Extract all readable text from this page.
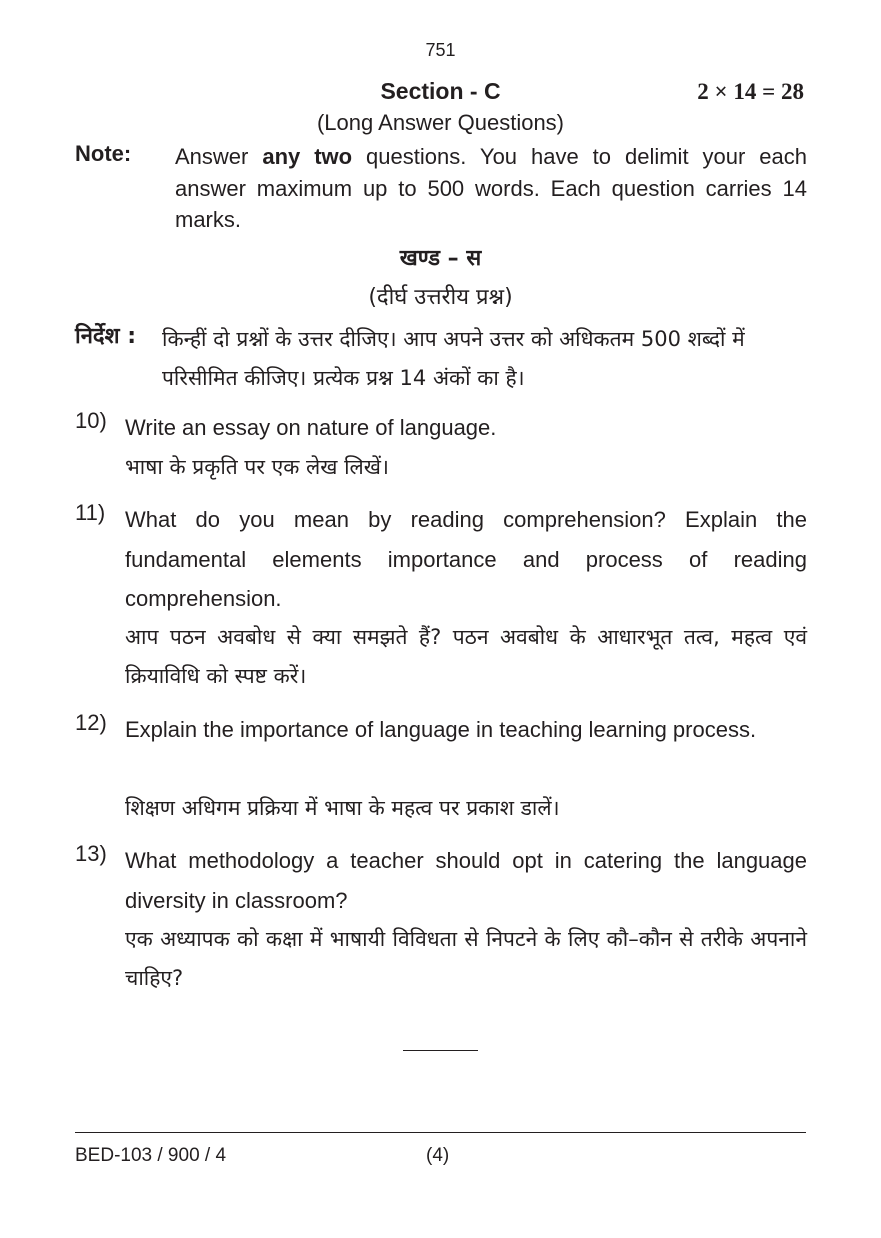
751
Section - C	2 × 14 = 28
(Long Answer Questions)
Note: Answer any two questions. You have to delimit your each answer maximum up to 500 words. Each question carries 14 marks.
खण्ड – स
(दीर्घ उत्तरीय प्रश्न)
निर्देश : किन्हीं दो प्रश्नों के उत्तर दीजिए। आप अपने उत्तर को अधिकतम 500 शब्दों में परिसीमित कीजिए। प्रत्येक प्रश्न 14 अंकों का है।
10) Write an essay on nature of language.
भाषा के प्रकृति पर एक लेख लिखें।
11) What do you mean by reading comprehension? Explain the fundamental elements importance and process of reading comprehension.
आप पठन अवबोध से क्या समझते हैं? पठन अवबोध के आधारभूत तत्व, महत्व एवं क्रियाविधि को स्पष्ट करें।
12) Explain the importance of language in teaching learning process.
शिक्षण अधिगम प्रक्रिया में भाषा के महत्व पर प्रकाश डालें।
13) What methodology a teacher should opt in catering the language diversity in classroom?
एक अध्यापक को कक्षा में भाषायी विविधता से निपटने के लिए कौ–कौन से तरीके अपनाने चाहिए?
BED-103 / 900 / 4	(4)
